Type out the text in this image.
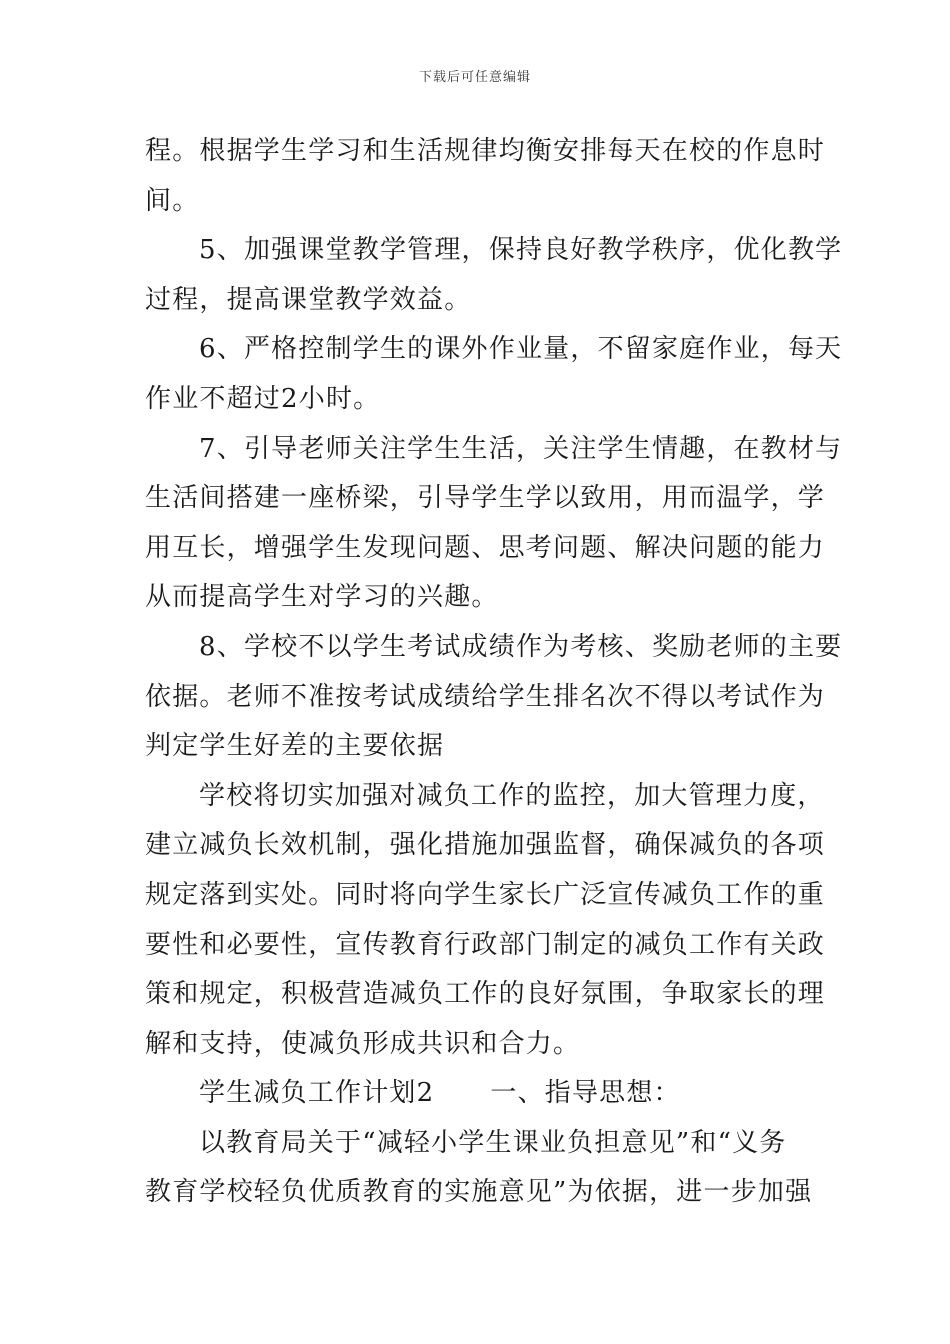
下载后可任意编辑
程。根据学生学习和生活规律均衡安排每天在校的作息时
间。
5、加强课堂教学管理，保持良好教学秩序，优化教学
过程，提高课堂教学效益。
6、严格控制学生的课外作业量，不留家庭作业，每天
作业不超过2小时。
7、引导老师关注学生生活，关注学生情趣，在教材与
生活间搭建一座桥梁，引导学生学以致用，用而温学，学
用互长，增强学生发现问题、思考问题、解决问题的能力
从而提高学生对学习的兴趣。
8、学校不以学生考试成绩作为考核、奖励老师的主要
依据。老师不准按考试成绩给学生排名次不得以考试作为
判定学生好差的主要依据
学校将切实加强对减负工作的监控，加大管理力度，
建立减负长效机制，强化措施加强监督，确保减负的各项
规定落到实处。同时将向学生家长广泛宣传减负工作的重
要性和必要性，宣传教育行政部门制定的减负工作有关政
策和规定，积极营造减负工作的良好氛围，争取家长的理
解和支持，使减负形成共识和合力。
学生减负工作计划2 一、指导思想：
以教育局关于“减轻小学生课业负担意见”和“义务
教育学校轻负优质教育的实施意见”为依据，进一步加强
